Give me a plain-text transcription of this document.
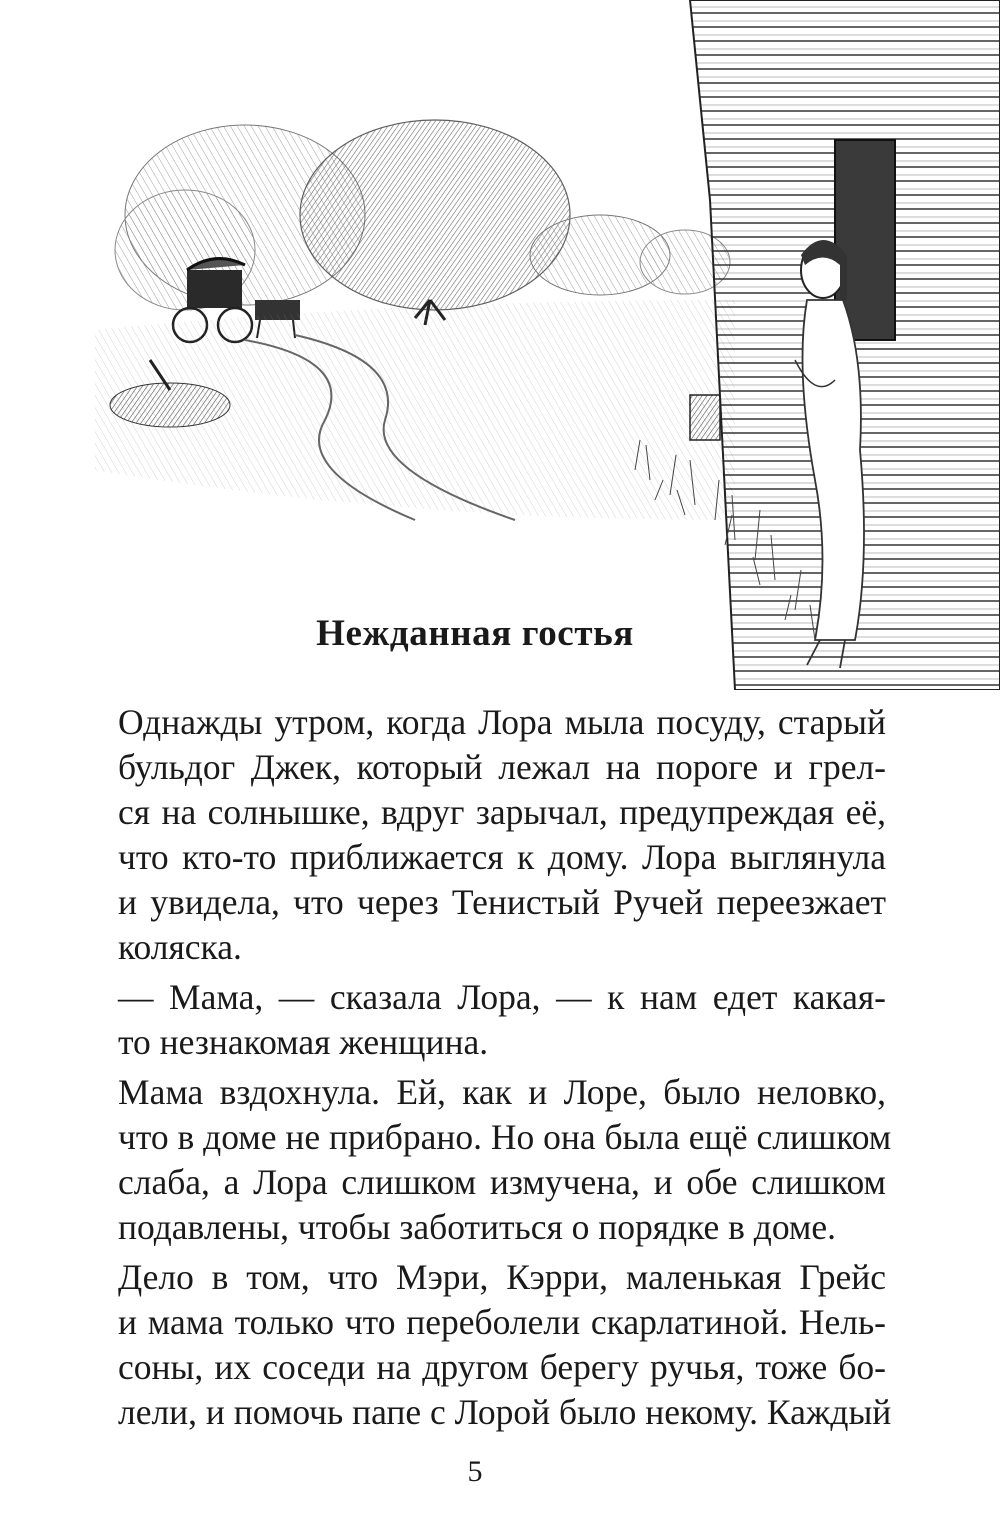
Нежданная гостья
Однажды утром, когда Лора мыла посуду, старый
бульдог Джек, который лежал на пороге и грел-
ся на солнышке, вдруг зарычал, предупреждая её,
что кто-то приближается к дому. Лора выглянула
и увидела, что через Тенистый Ручей переезжает
коляска.
— Мама, — сказала Лора, — к нам едет какая-
то незнакомая женщина.
Мама вздохнула. Ей, как и Лоре, было неловко,
что в доме не прибрано. Но она была ещё слишком
слаба, а Лора слишком измучена, и обе слишком
подавлены, чтобы заботиться о порядке в доме.
Дело в том, что Мэри, Кэрри, маленькая Грейс
и мама только что переболели скарлатиной. Нель-
соны, их соседи на другом берегу ручья, тоже бо-
лели, и помочь папе с Лорой было некому. Каждый
5
